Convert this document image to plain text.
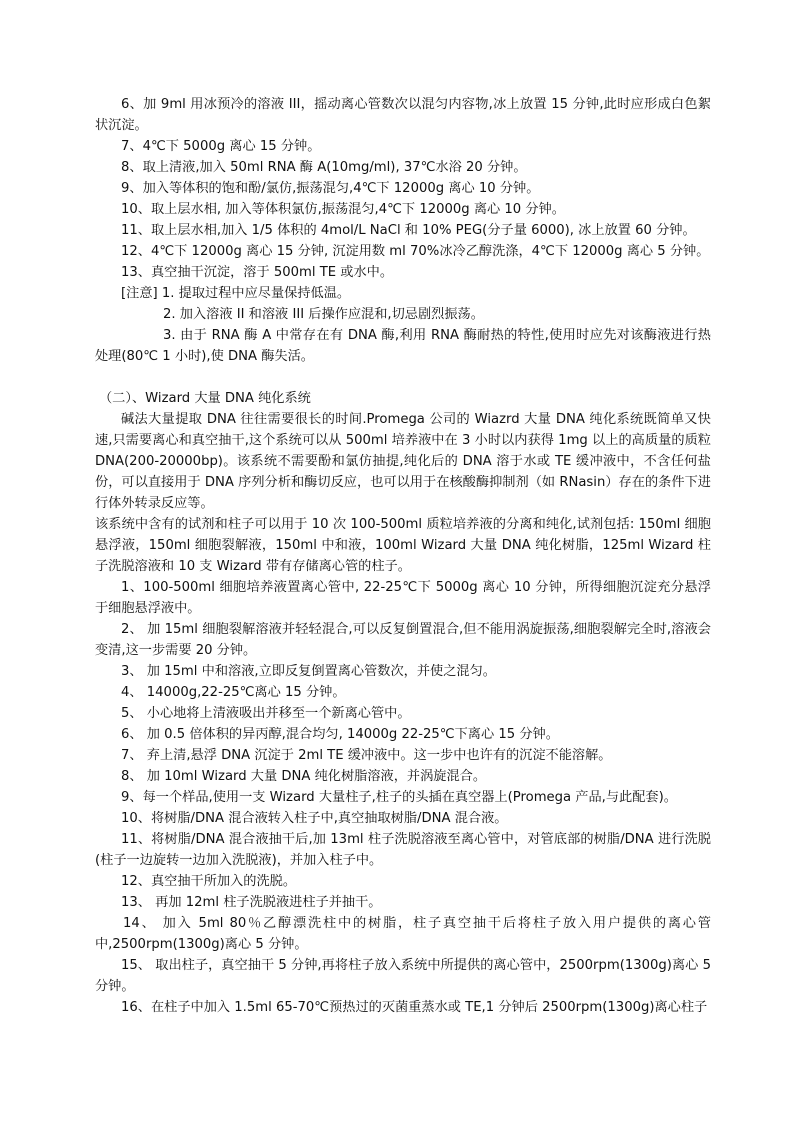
6、加 9ml 用冰预冷的溶液 III，摇动离心管数次以混匀内容物,冰上放置 15 分钟,此时应形成白色絮状沉淀。

7、4℃下 5000g 离心 15 分钟。

8、取上清液,加入 50ml RNA 酶 A(10mg/ml), 37℃水浴 20 分钟。

9、加入等体积的饱和酚/氯仿,振荡混匀,4℃下 12000g 离心 10 分钟。

10、取上层水相, 加入等体积氯仿,振荡混匀,4℃下 12000g 离心 10 分钟。

11、取上层水相,加入 1/5 体积的 4mol/L NaCl 和 10% PEG(分子量 6000), 冰上放置 60 分钟。

12、4℃下 12000g 离心 15 分钟, 沉淀用数 ml 70%冰冷乙醇洗涤，4℃下 12000g 离心 5 分钟。

13、真空抽干沉淀，溶于 500ml TE 或水中。

[注意] 1. 提取过程中应尽量保持低温。

2. 加入溶液 II 和溶液 III 后操作应混和,切忌剧烈振荡。

3. 由于 RNA 酶 A 中常存在有 DNA 酶,利用 RNA 酶耐热的特性,使用时应先对该酶液进行热处理(80℃ 1 小时),使 DNA 酶失活。

（二）、Wizard 大量 DNA 纯化系统

碱法大量提取 DNA 往往需要很长的时间.Promega 公司的 Wiazrd 大量 DNA 纯化系统既简单又快速,只需要离心和真空抽干,这个系统可以从 500ml 培养液中在 3 小时以内获得 1mg 以上的高质量的质粒 DNA(200-20000bp)。该系统不需要酚和氯仿抽提,纯化后的 DNA 溶于水或 TE 缓冲液中，不含任何盐份，可以直接用于 DNA 序列分析和酶切反应，也可以用于在核酸酶抑制剂（如 RNasin）存在的条件下进行体外转录反应等。

该系统中含有的试剂和柱子可以用于 10 次 100-500ml 质粒培养液的分离和纯化,试剂包括: 150ml 细胞悬浮液，150ml 细胞裂解液，150ml 中和液，100ml Wizard 大量 DNA 纯化树脂，125ml Wizard 柱子洗脱溶液和 10 支 Wizard 带有存储离心管的柱子。

1、100-500ml 细胞培养液置离心管中, 22-25℃下 5000g 离心 10 分钟，所得细胞沉淀充分悬浮于细胞悬浮液中。

2、 加 15ml 细胞裂解溶液并轻轻混合,可以反复倒置混合,但不能用涡旋振荡,细胞裂解完全时,溶液会变清,这一步需要 20 分钟。

3、 加 15ml 中和溶液,立即反复倒置离心管数次，并使之混匀。

4、 14000g,22-25℃离心 15 分钟。

5、 小心地将上清液吸出并移至一个新离心管中。

6、 加 0.5 倍体积的异丙醇,混合均匀, 14000g 22-25℃下离心 15 分钟。

7、 弃上清,悬浮 DNA 沉淀于 2ml TE 缓冲液中。这一步中也许有的沉淀不能溶解。

8、 加 10ml Wizard 大量 DNA 纯化树脂溶液，并涡旋混合。

9、每一个样品,使用一支 Wizard 大量柱子,柱子的头插在真空器上(Promega 产品,与此配套)。

10、将树脂/DNA 混合液转入柱子中,真空抽取树脂/DNA 混合液。

11、将树脂/DNA 混合液抽干后,加 13ml 柱子洗脱溶液至离心管中，对管底部的树脂/DNA 进行洗脱(柱子一边旋转一边加入洗脱液)，并加入柱子中。

12、真空抽干所加入的洗脱。

13、 再加 12ml 柱子洗脱液进柱子并抽干。

14、 加入 5ml 80％乙醇漂洗柱中的树脂，柱子真空抽干后将柱子放入用户提供的离心管中,2500rpm(1300g)离心 5 分钟。

15、 取出柱子，真空抽干 5 分钟,再将柱子放入系统中所提供的离心管中，2500rpm(1300g)离心 5 分钟。

16、在柱子中加入 1.5ml 65-70℃预热过的灭菌重蒸水或 TE,1 分钟后 2500rpm(1300g)离心柱子
